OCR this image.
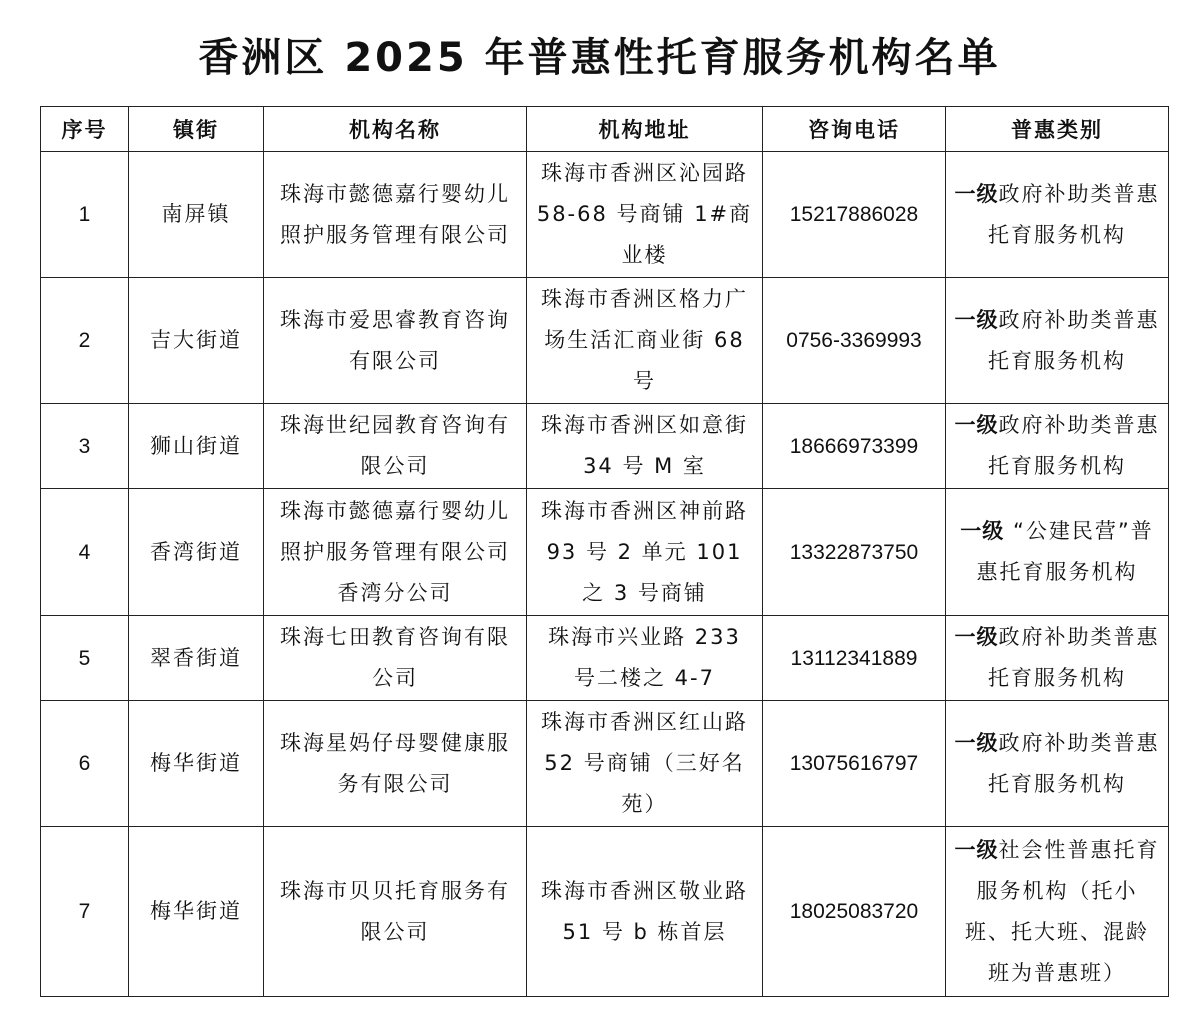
香洲区 2025 年普惠性托育服务机构名单
序号	镇街	机构名称	机构地址	咨询电话	普惠类别
1	南屏镇	珠海市懿德嘉行婴幼儿照护服务管理有限公司	珠海市香洲区沁园路 58-68 号商铺 1#商业楼	15217886028	一级政府补助类普惠托育服务机构
2	吉大街道	珠海市爱思睿教育咨询有限公司	珠海市香洲区格力广场生活汇商业街 68 号	0756-3369993	一级政府补助类普惠托育服务机构
3	狮山街道	珠海世纪园教育咨询有限公司	珠海市香洲区如意街 34 号 M 室	18666973399	一级政府补助类普惠托育服务机构
4	香湾街道	珠海市懿德嘉行婴幼儿照护服务管理有限公司香湾分公司	珠海市香洲区神前路 93 号 2 单元 101 之 3 号商铺	13322873750	一级 “公建民营”普惠托育服务机构
5	翠香街道	珠海七田教育咨询有限公司	珠海市兴业路 233 号二楼之 4-7	13112341889	一级政府补助类普惠托育服务机构
6	梅华街道	珠海星妈仔母婴健康服务有限公司	珠海市香洲区红山路 52 号商铺（三好名苑）	13075616797	一级政府补助类普惠托育服务机构
7	梅华街道	珠海市贝贝托育服务有限公司	珠海市香洲区敬业路 51 号 b 栋首层	18025083720	一级社会性普惠托育服务机构（托小班、托大班、混龄班为普惠班）
